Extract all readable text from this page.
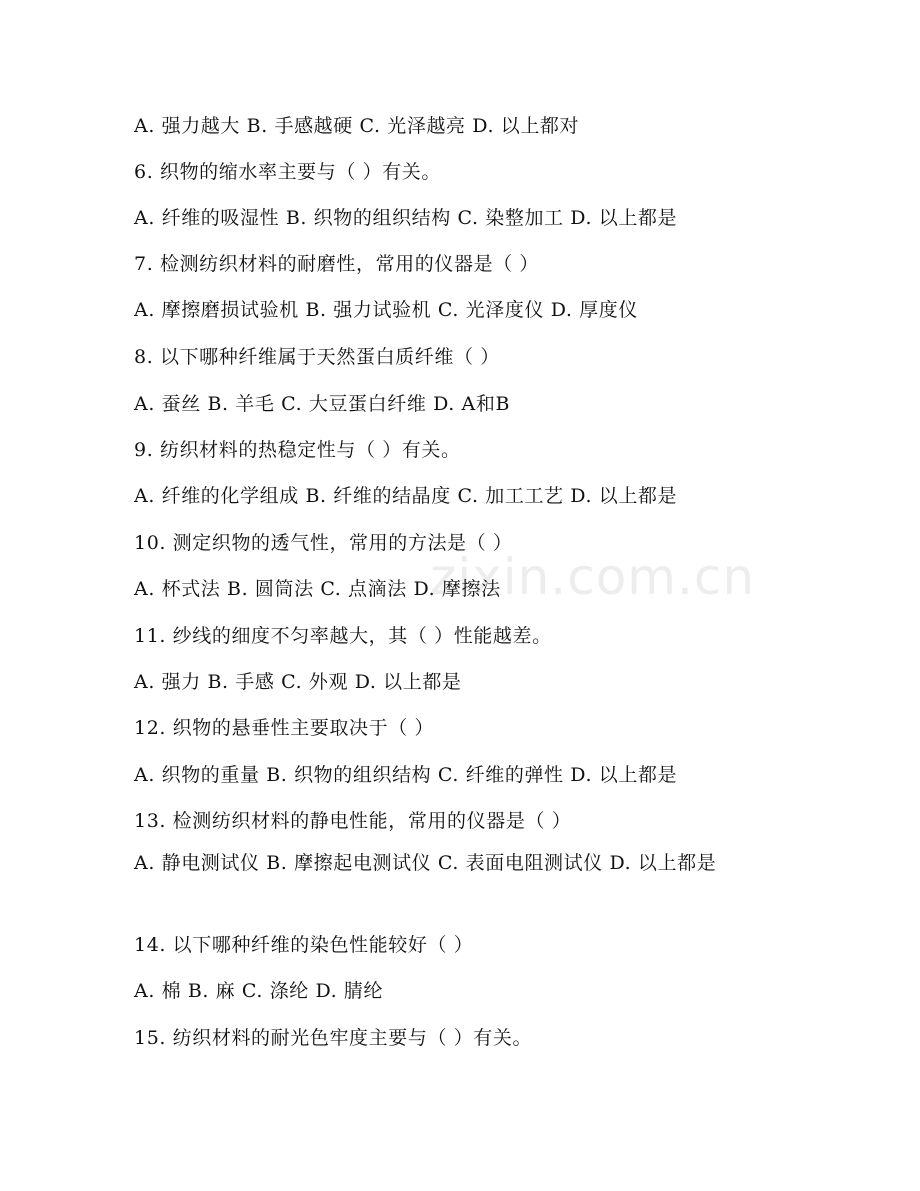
zixin.com.cn
A. 强力越大 B. 手感越硬 C. 光泽越亮 D. 以上都对
6. 织物的缩水率主要与（ ）有关。
A. 纤维的吸湿性 B. 织物的组织结构 C. 染整加工 D. 以上都是
7. 检测纺织材料的耐磨性，常用的仪器是（ ）
A. 摩擦磨损试验机 B. 强力试验机 C. 光泽度仪 D. 厚度仪
8. 以下哪种纤维属于天然蛋白质纤维（ ）
A. 蚕丝 B. 羊毛 C. 大豆蛋白纤维 D. A和B
9. 纺织材料的热稳定性与（ ）有关。
A. 纤维的化学组成 B. 纤维的结晶度 C. 加工工艺 D. 以上都是
10. 测定织物的透气性，常用的方法是（ ）
A. 杯式法 B. 圆筒法 C. 点滴法 D. 摩擦法
11. 纱线的细度不匀率越大，其（ ）性能越差。
A. 强力 B. 手感 C. 外观 D. 以上都是
12. 织物的悬垂性主要取决于（ ）
A. 织物的重量 B. 织物的组织结构 C. 纤维的弹性 D. 以上都是
13. 检测纺织材料的静电性能，常用的仪器是（ ）
A. 静电测试仪 B. 摩擦起电测试仪 C. 表面电阻测试仪 D. 以上都是
14. 以下哪种纤维的染色性能较好（ ）
A. 棉 B. 麻 C. 涤纶 D. 腈纶
15. 纺织材料的耐光色牢度主要与（ ）有关。
